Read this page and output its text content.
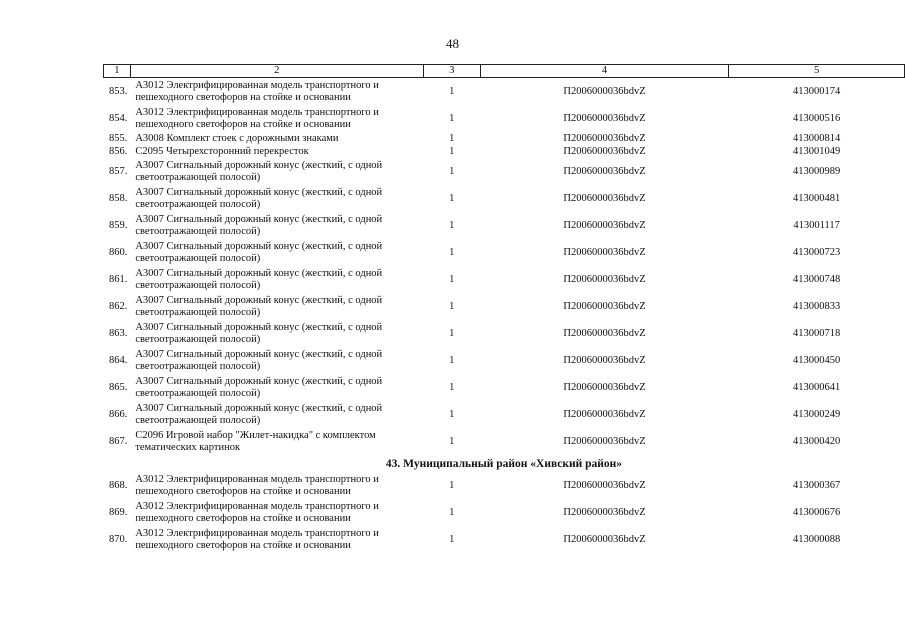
48
1	2	3	4	5
853.	А3012 Электрифицированная модель транспортного и
пешеходного светофоров на стойке и основании	1	П2006000036bdvZ	413000174
854.	А3012 Электрифицированная модель транспортного и
пешеходного светофоров на стойке и основании	1	П2006000036bdvZ	413000516
855.	А3008 Комплект стоек с дорожными знаками	1	П2006000036bdvZ	413000814
856.	С2095 Четырехсторонний перекресток	1	П2006000036bdvZ	413001049
857.	А3007 Сигнальный дорожный конус (жесткий, с одной
светоотражающей полосой)	1	П2006000036bdvZ	413000989
858.	А3007 Сигнальный дорожный конус (жесткий, с одной
светоотражающей полосой)	1	П2006000036bdvZ	413000481
859.	А3007 Сигнальный дорожный конус (жесткий, с одной
светоотражающей полосой)	1	П2006000036bdvZ	413001117
860.	А3007 Сигнальный дорожный конус (жесткий, с одной
светоотражающей полосой)	1	П2006000036bdvZ	413000723
861.	А3007 Сигнальный дорожный конус (жесткий, с одной
светоотражающей полосой)	1	П2006000036bdvZ	413000748
862.	А3007 Сигнальный дорожный конус (жесткий, с одной
светоотражающей полосой)	1	П2006000036bdvZ	413000833
863.	А3007 Сигнальный дорожный конус (жесткий, с одной
светоотражающей полосой)	1	П2006000036bdvZ	413000718
864.	А3007 Сигнальный дорожный конус (жесткий, с одной
светоотражающей полосой)	1	П2006000036bdvZ	413000450
865.	А3007 Сигнальный дорожный конус (жесткий, с одной
светоотражающей полосой)	1	П2006000036bdvZ	413000641
866.	А3007 Сигнальный дорожный конус (жесткий, с одной
светоотражающей полосой)	1	П2006000036bdvZ	413000249
867.	С2096 Игровой набор "Жилет-накидка" с комплектом
тематических картинок	1	П2006000036bdvZ	413000420
43. Муниципальный район «Хивский район»				
868.	А3012 Электрифицированная модель транспортного и
пешеходного светофоров на стойке и основании	1	П2006000036bdvZ	413000367
869.	А3012 Электрифицированная модель транспортного и
пешеходного светофоров на стойке и основании	1	П2006000036bdvZ	413000676
870.	А3012 Электрифицированная модель транспортного и
пешеходного светофоров на стойке и основании	1	П2006000036bdvZ	413000088
